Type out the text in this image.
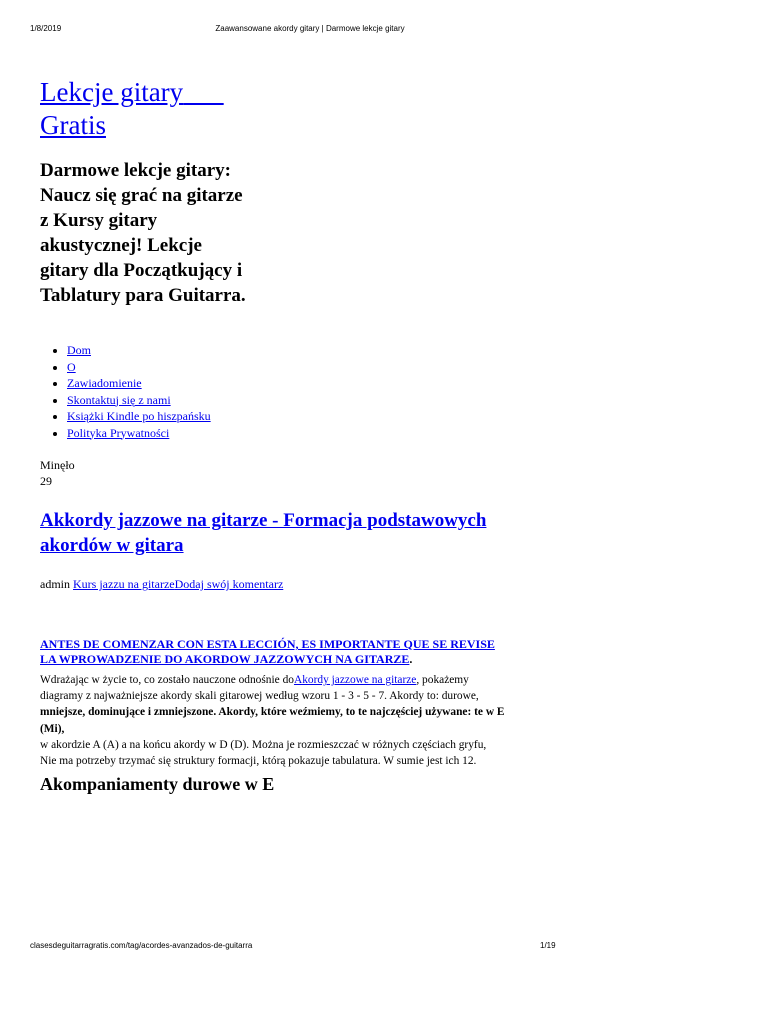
1/8/2019	Zaawansowane akordy gitary | Darmowe lekcje gitary
Lekcje gitary
Gratis

Darmowe lekcje gitary: Naucz się grać na gitarze z Kursy gitary akustycznej! Lekcje gitary dla Początkujący i Tablatury para Guitarra.

• Dom
• O
• Zawiadomienie
• Skontaktuj się z nami
• Książki Kindle po hiszpańsku
• Polityka Prywatności
Minęło
29
Akkordy jazzowe na gitarze - Formacja podstawowych akordów w gitara
admin Kurs jazzu na gitarzeDodaj swój komentarz

ANTES DE COMENZAR CON ESTA LECCIÓN, ES IMPORTANTE QUE SE REVISE LA WPROWADZENIE DO AKORDOW JAZZOWYCH NA GITARZE.

Wdrażając w życie to, co zostało nauczone odnośnie doAkordy jazzowe na gitarze, pokażemy diagramy z najważniejsze akordy skali gitarowej według wzoru 1 - 3 - 5 - 7. Akordy to: durowe,
mniejsze, dominujące i zmniejszone. Akordy, które weźmiemy, to te najczęściej używane: te w E (Mi),
w akordzie A (A) a na końcu akordy w D (D). Można je rozmieszczać w różnych częściach gryfu,
Nie ma potrzeby trzymać się struktury formacji, którą pokazuje tabulatura. W sumie jest ich 12.

Akompaniamenty durowe w E
clasesdeguitarragratis.com/tag/acordes-avanzados-de-guitarra	1/19
